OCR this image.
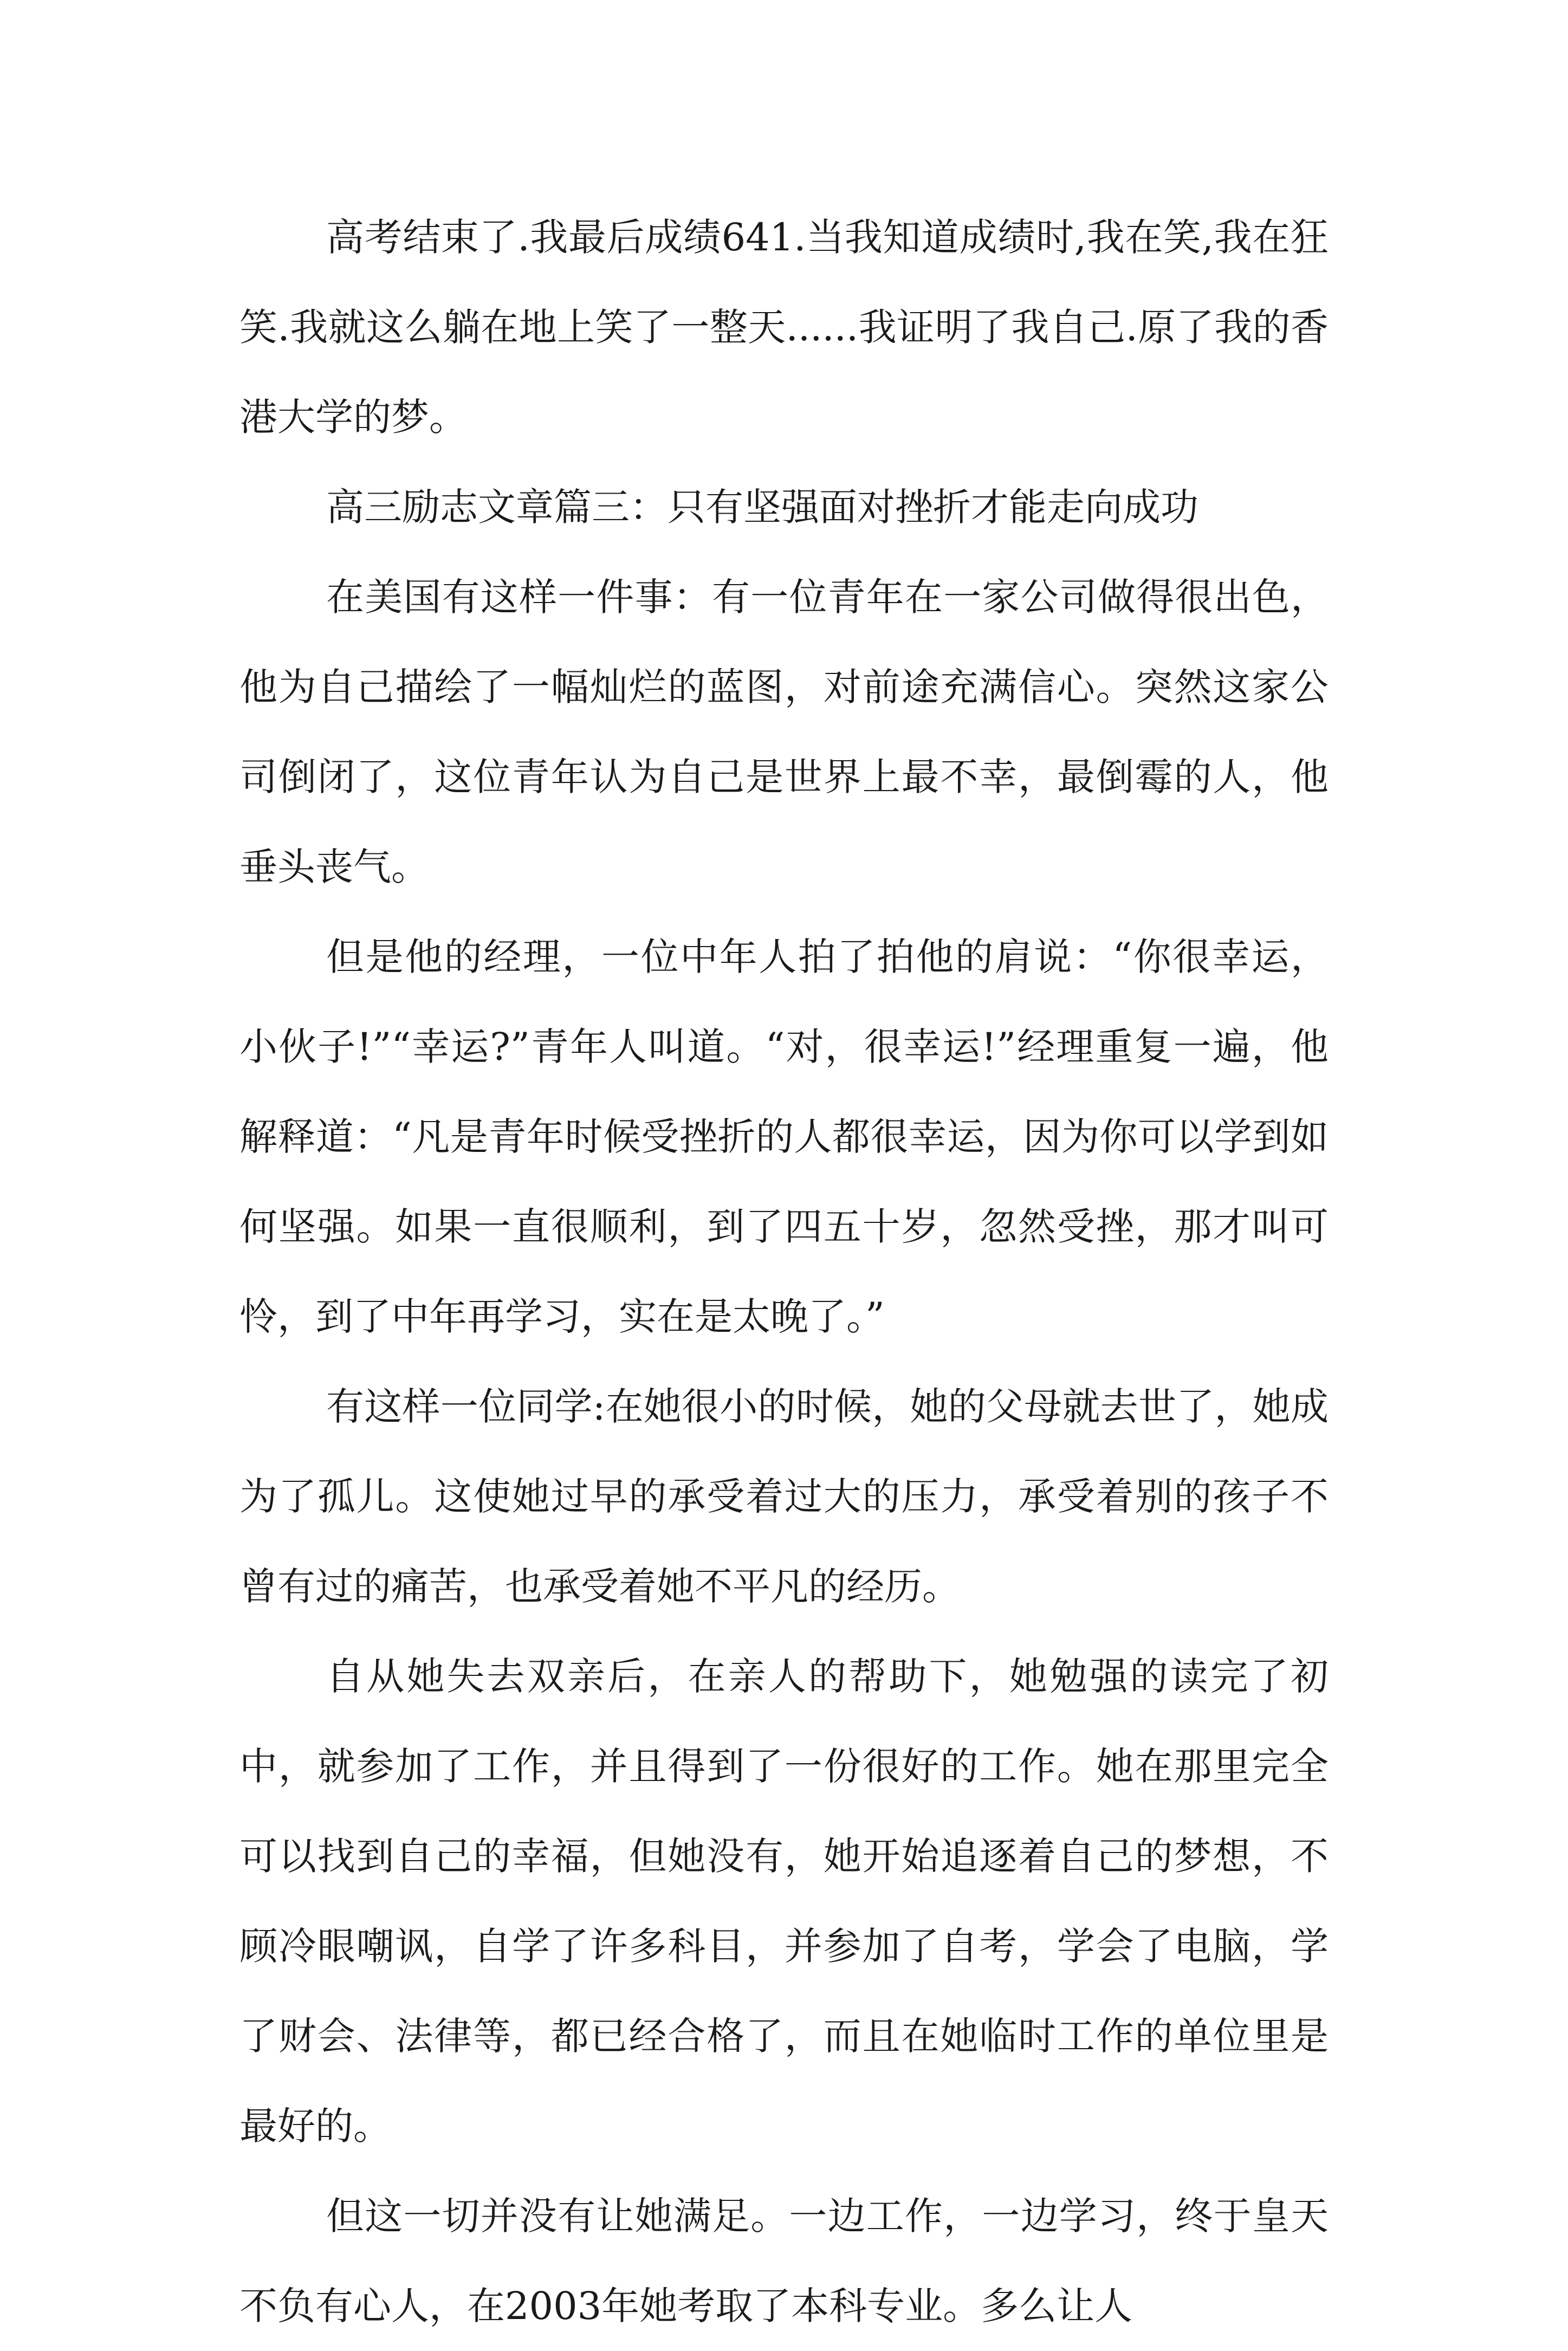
高考结束了.我最后成绩641.当我知道成绩时,我在笑,我在狂笑.我就这么躺在地上笑了一整天......我证明了我自己.原了我的香港大学的梦。

高三励志文章篇三：只有坚强面对挫折才能走向成功

在美国有这样一件事：有一位青年在一家公司做得很出色，他为自己描绘了一幅灿烂的蓝图，对前途充满信心。突然这家公司倒闭了，这位青年认为自己是世界上最不幸，最倒霉的人，他垂头丧气。

但是他的经理，一位中年人拍了拍他的肩说：“你很幸运，小伙子!”“幸运?”青年人叫道。“对，很幸运!”经理重复一遍，他解释道：“凡是青年时候受挫折的人都很幸运，因为你可以学到如何坚强。如果一直很顺利，到了四五十岁，忽然受挫，那才叫可怜，到了中年再学习，实在是太晚了。”

有这样一位同学:在她很小的时候，她的父母就去世了，她成为了孤儿。这使她过早的承受着过大的压力，承受着别的孩子不曾有过的痛苦，也承受着她不平凡的经历。

自从她失去双亲后，在亲人的帮助下，她勉强的读完了初中，就参加了工作，并且得到了一份很好的工作。她在那里完全可以找到自己的幸福，但她没有，她开始追逐着自己的梦想，不顾冷眼嘲讽，自学了许多科目，并参加了自考，学会了电脑，学了财会、法律等，都已经合格了，而且在她临时工作的单位里是最好的。

但这一切并没有让她满足。一边工作，一边学习，终于皇天不负有心人，在2003年她考取了本科专业。多么让人
